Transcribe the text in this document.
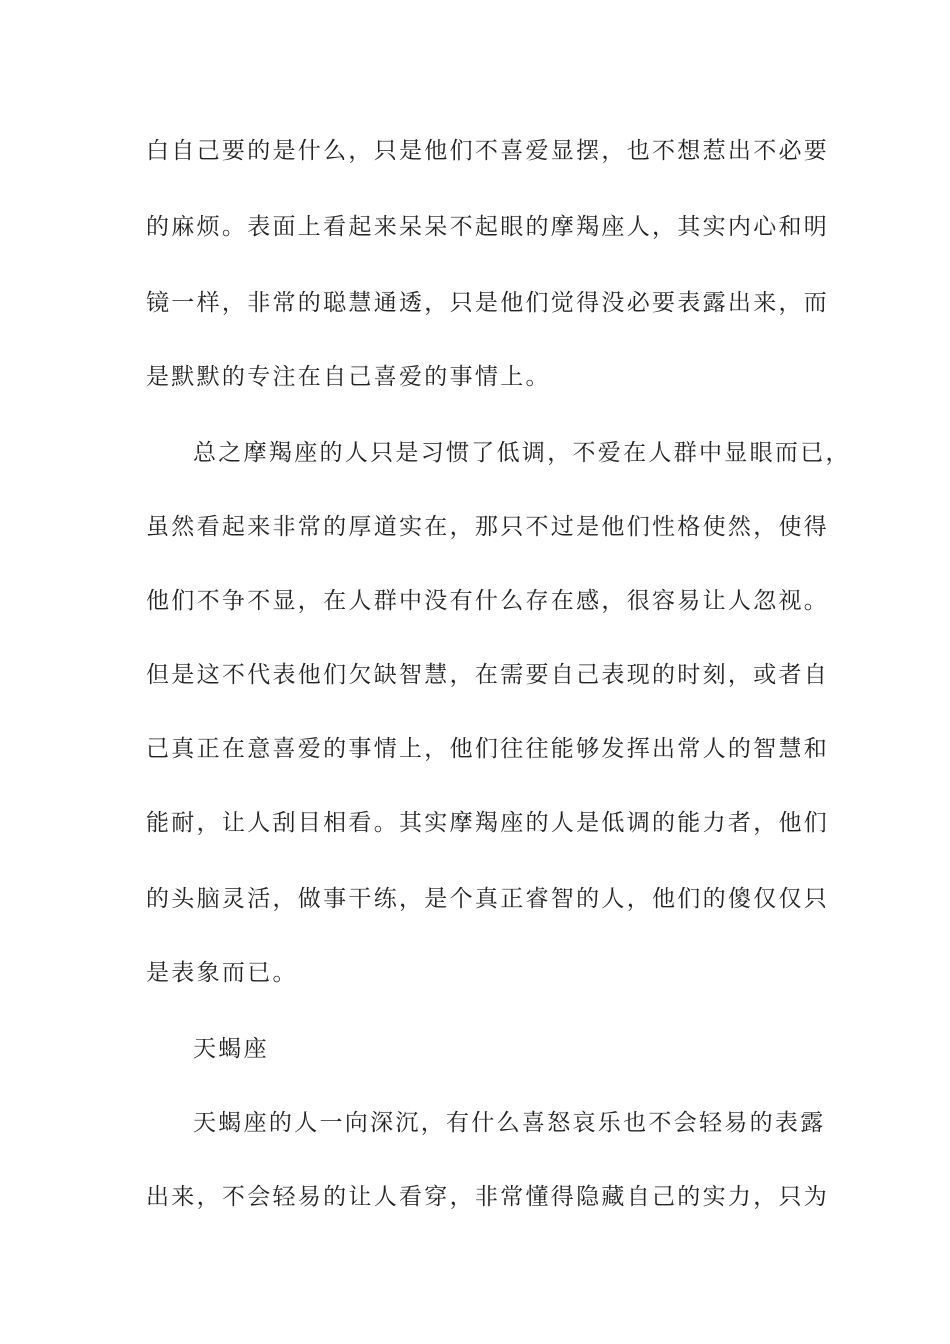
白自己要的是什么，只是他们不喜爱显摆，也不想惹出不必要
的麻烦。表面上看起来呆呆不起眼的摩羯座人，其实内心和明
镜一样，非常的聪慧通透，只是他们觉得没必要表露出来，而
是默默的专注在自己喜爱的事情上。
总之摩羯座的人只是习惯了低调，不爱在人群中显眼而已，
虽然看起来非常的厚道实在，那只不过是他们性格使然，使得
他们不争不显，在人群中没有什么存在感，很容易让人忽视。
但是这不代表他们欠缺智慧，在需要自己表现的时刻，或者自
己真正在意喜爱的事情上，他们往往能够发挥出常人的智慧和
能耐，让人刮目相看。其实摩羯座的人是低调的能力者，他们
的头脑灵活，做事干练，是个真正睿智的人，他们的傻仅仅只
是表象而已。
天蝎座
天蝎座的人一向深沉，有什么喜怒哀乐也不会轻易的表露
出来，不会轻易的让人看穿，非常懂得隐藏自己的实力，只为
